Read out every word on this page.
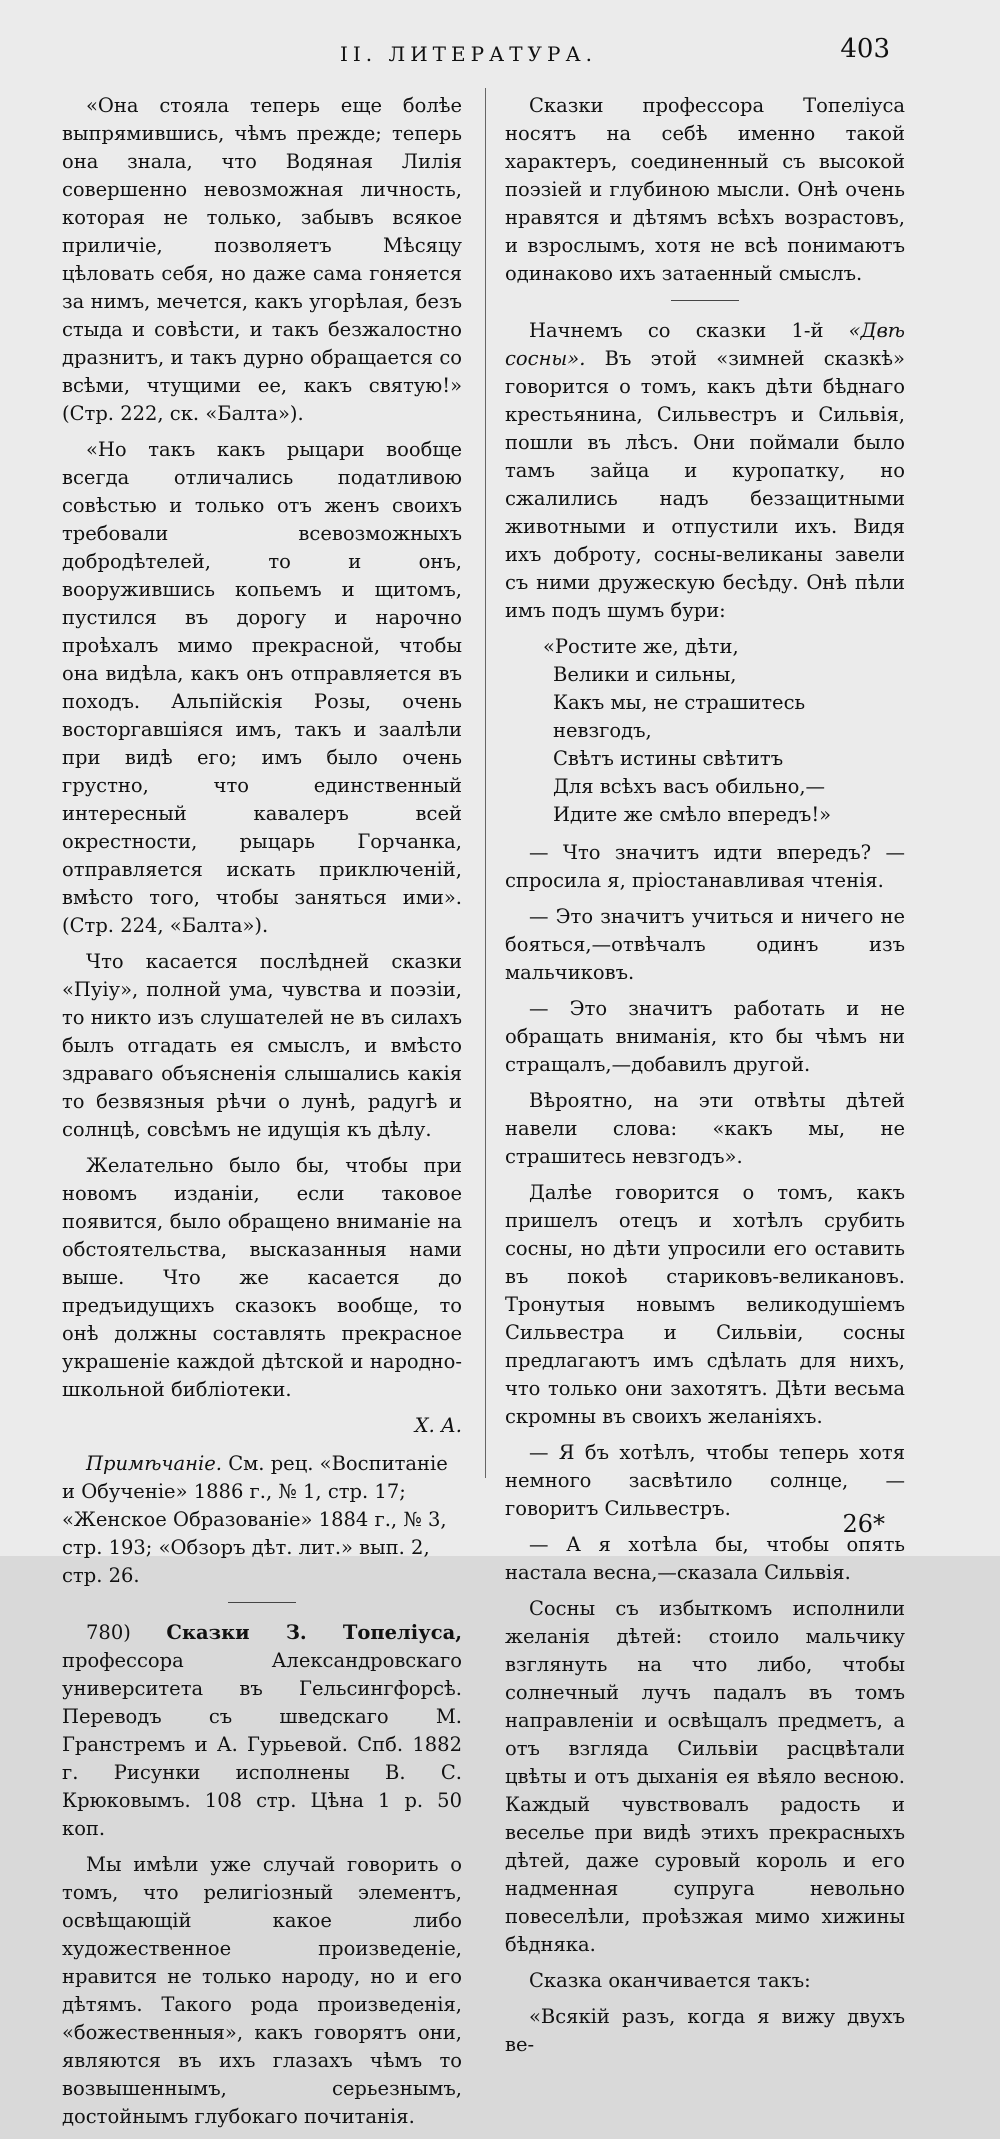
II. ЛИТЕРАТУРА.	403

«Она стояла теперь еще болѣе выпрямившись, чѣмъ прежде; теперь она знала, что Водяная Лилія совершенно невозможная личность, которая не только, забывъ всякое приличіе, позволяетъ Мѣсяцу цѣловать себя, но даже сама гоняется за нимъ, мечется, какъ угорѣлая, безъ стыда и совѣсти, и такъ безжалостно дразнитъ, и такъ дурно обращается со всѣми, чтущими ее, какъ святую!» (Стр. 222, ск. «Балта»).

«Но такъ какъ рыцари вообще всегда отличались податливою совѣстью и только отъ женъ своихъ требовали всевозможныхъ добродѣтелей, то и онъ, вооружившись копьемъ и щитомъ, пустился въ дорогу и нарочно проѣхалъ мимо прекрасной, чтобы она видѣла, какъ онъ отправляется въ походъ. Альпійскія Розы, очень восторгавшіяся имъ, такъ и заалѣли при видѣ его; имъ было очень грустно, что единственный интересный кавалеръ всей окрестности, рыцарь Горчанка, отправляется искать приключеній, вмѣсто того, чтобы заняться ими». (Стр. 224, «Балта»).

Что касается послѣдней сказки «Пуіу», полной ума, чувства и поэзіи, то никто изъ слушателей не въ силахъ былъ отгадать ея смыслъ, и вмѣсто здраваго объясненія слышались какія то безвязныя рѣчи о лунѣ, радугѣ и солнцѣ, совсѣмъ не идущія къ дѣлу.

Желательно было бы, чтобы при новомъ изданіи, если таковое появится, было обращено вниманіе на обстоятельства, высказанныя нами выше. Что же касается до предъидущихъ сказокъ вообще, то онѣ должны составлять прекрасное украшеніе каждой дѣтской и народно-школьной библіотеки.

Х. А.
Примѣчаніе. См. рец. «Воспитаніе и Обученіе» 1886 г., № 1, стр. 17; «Женское Образованіе» 1884 г., № 3, стр. 193; «Обзоръ дѣт. лит.» вып. 2, стр. 26.

780) Сказки З. Топеліуса, профессора Александровскаго университета въ Гельсингфорсѣ. Переводъ съ шведскаго М. Гранстремъ и А. Гурьевой. Спб. 1882 г. Рисунки исполнены В. С. Крюковымъ. 108 стр. Цѣна 1 р. 50 коп.

Мы имѣли уже случай говорить о томъ, что религіозный элементъ, освѣщающій какое либо художественное произведеніе, нравится не только народу, но и его дѣтямъ. Такого рода произведенія, «божественныя», какъ говорятъ они, являются въ ихъ глазахъ чѣмъ то возвышеннымъ, серьезнымъ, достойнымъ глубокаго почитанія.

Сказки профессора Топеліуса носятъ на себѣ именно такой характеръ, соединенный съ высокой поэзіей и глубиною мысли. Онѣ очень нравятся и дѣтямъ всѣхъ возрастовъ, и взрослымъ, хотя не всѣ понимаютъ одинаково ихъ затаенный смыслъ.

Начнемъ со сказки 1-й «Двѣ сосны». Въ этой «зимней сказкѣ» говорится о томъ, какъ дѣти бѣднаго крестьянина, Сильвестръ и Сильвія, пошли въ лѣсъ. Они поймали было тамъ зайца и куропатку, но сжалились надъ беззащитными животными и отпустили ихъ. Видя ихъ доброту, сосны-великаны завели съ ними дружескую бесѣду. Онѣ пѣли имъ подъ шумъ бури:

«Ростите же, дѣти,
Велики и сильны,
Какъ мы, не страшитесь невзгодъ,
Свѣтъ истины свѣтитъ
Для всѣхъ васъ обильно,—
Идите же смѣло впередъ!»

— Что значитъ идти впередъ? — спросила я, пріостанавливая чтенія.

— Это значитъ учиться и ничего не бояться,—отвѣчалъ одинъ изъ мальчиковъ.

— Это значитъ работать и не обращать вниманія, кто бы чѣмъ ни стращалъ,—добавилъ другой.

Вѣроятно, на эти отвѣты дѣтей навели слова: «какъ мы, не страшитесь невзгодъ».

Далѣе говорится о томъ, какъ пришелъ отецъ и хотѣлъ срубить сосны, но дѣти упросили его оставить въ покоѣ стариковъ-великановъ. Тронутыя новымъ великодушіемъ Сильвестра и Сильвіи, сосны предлагаютъ имъ сдѣлать для нихъ, что только они захотятъ. Дѣти весьма скромны въ своихъ желаніяхъ.

— Я бъ хотѣлъ, чтобы теперь хотя немного засвѣтило солнце, — говоритъ Сильвестръ.

— А я хотѣла бы, чтобы опять настала весна,—сказала Сильвія.

Сосны съ избыткомъ исполнили желанія дѣтей: стоило мальчику взглянуть на что либо, чтобы солнечный лучъ падалъ въ томъ направленіи и освѣщалъ предметъ, а отъ взгляда Сильвіи расцвѣтали цвѣты и отъ дыханія ея вѣяло весною. Каждый чувствовалъ радость и веселье при видѣ этихъ прекрасныхъ дѣтей, даже суровый король и его надменная супруга невольно повеселѣли, проѣзжая мимо хижины бѣдняка.

Сказка оканчивается такъ:

«Всякій разъ, когда я вижу двухъ ве-

26*
